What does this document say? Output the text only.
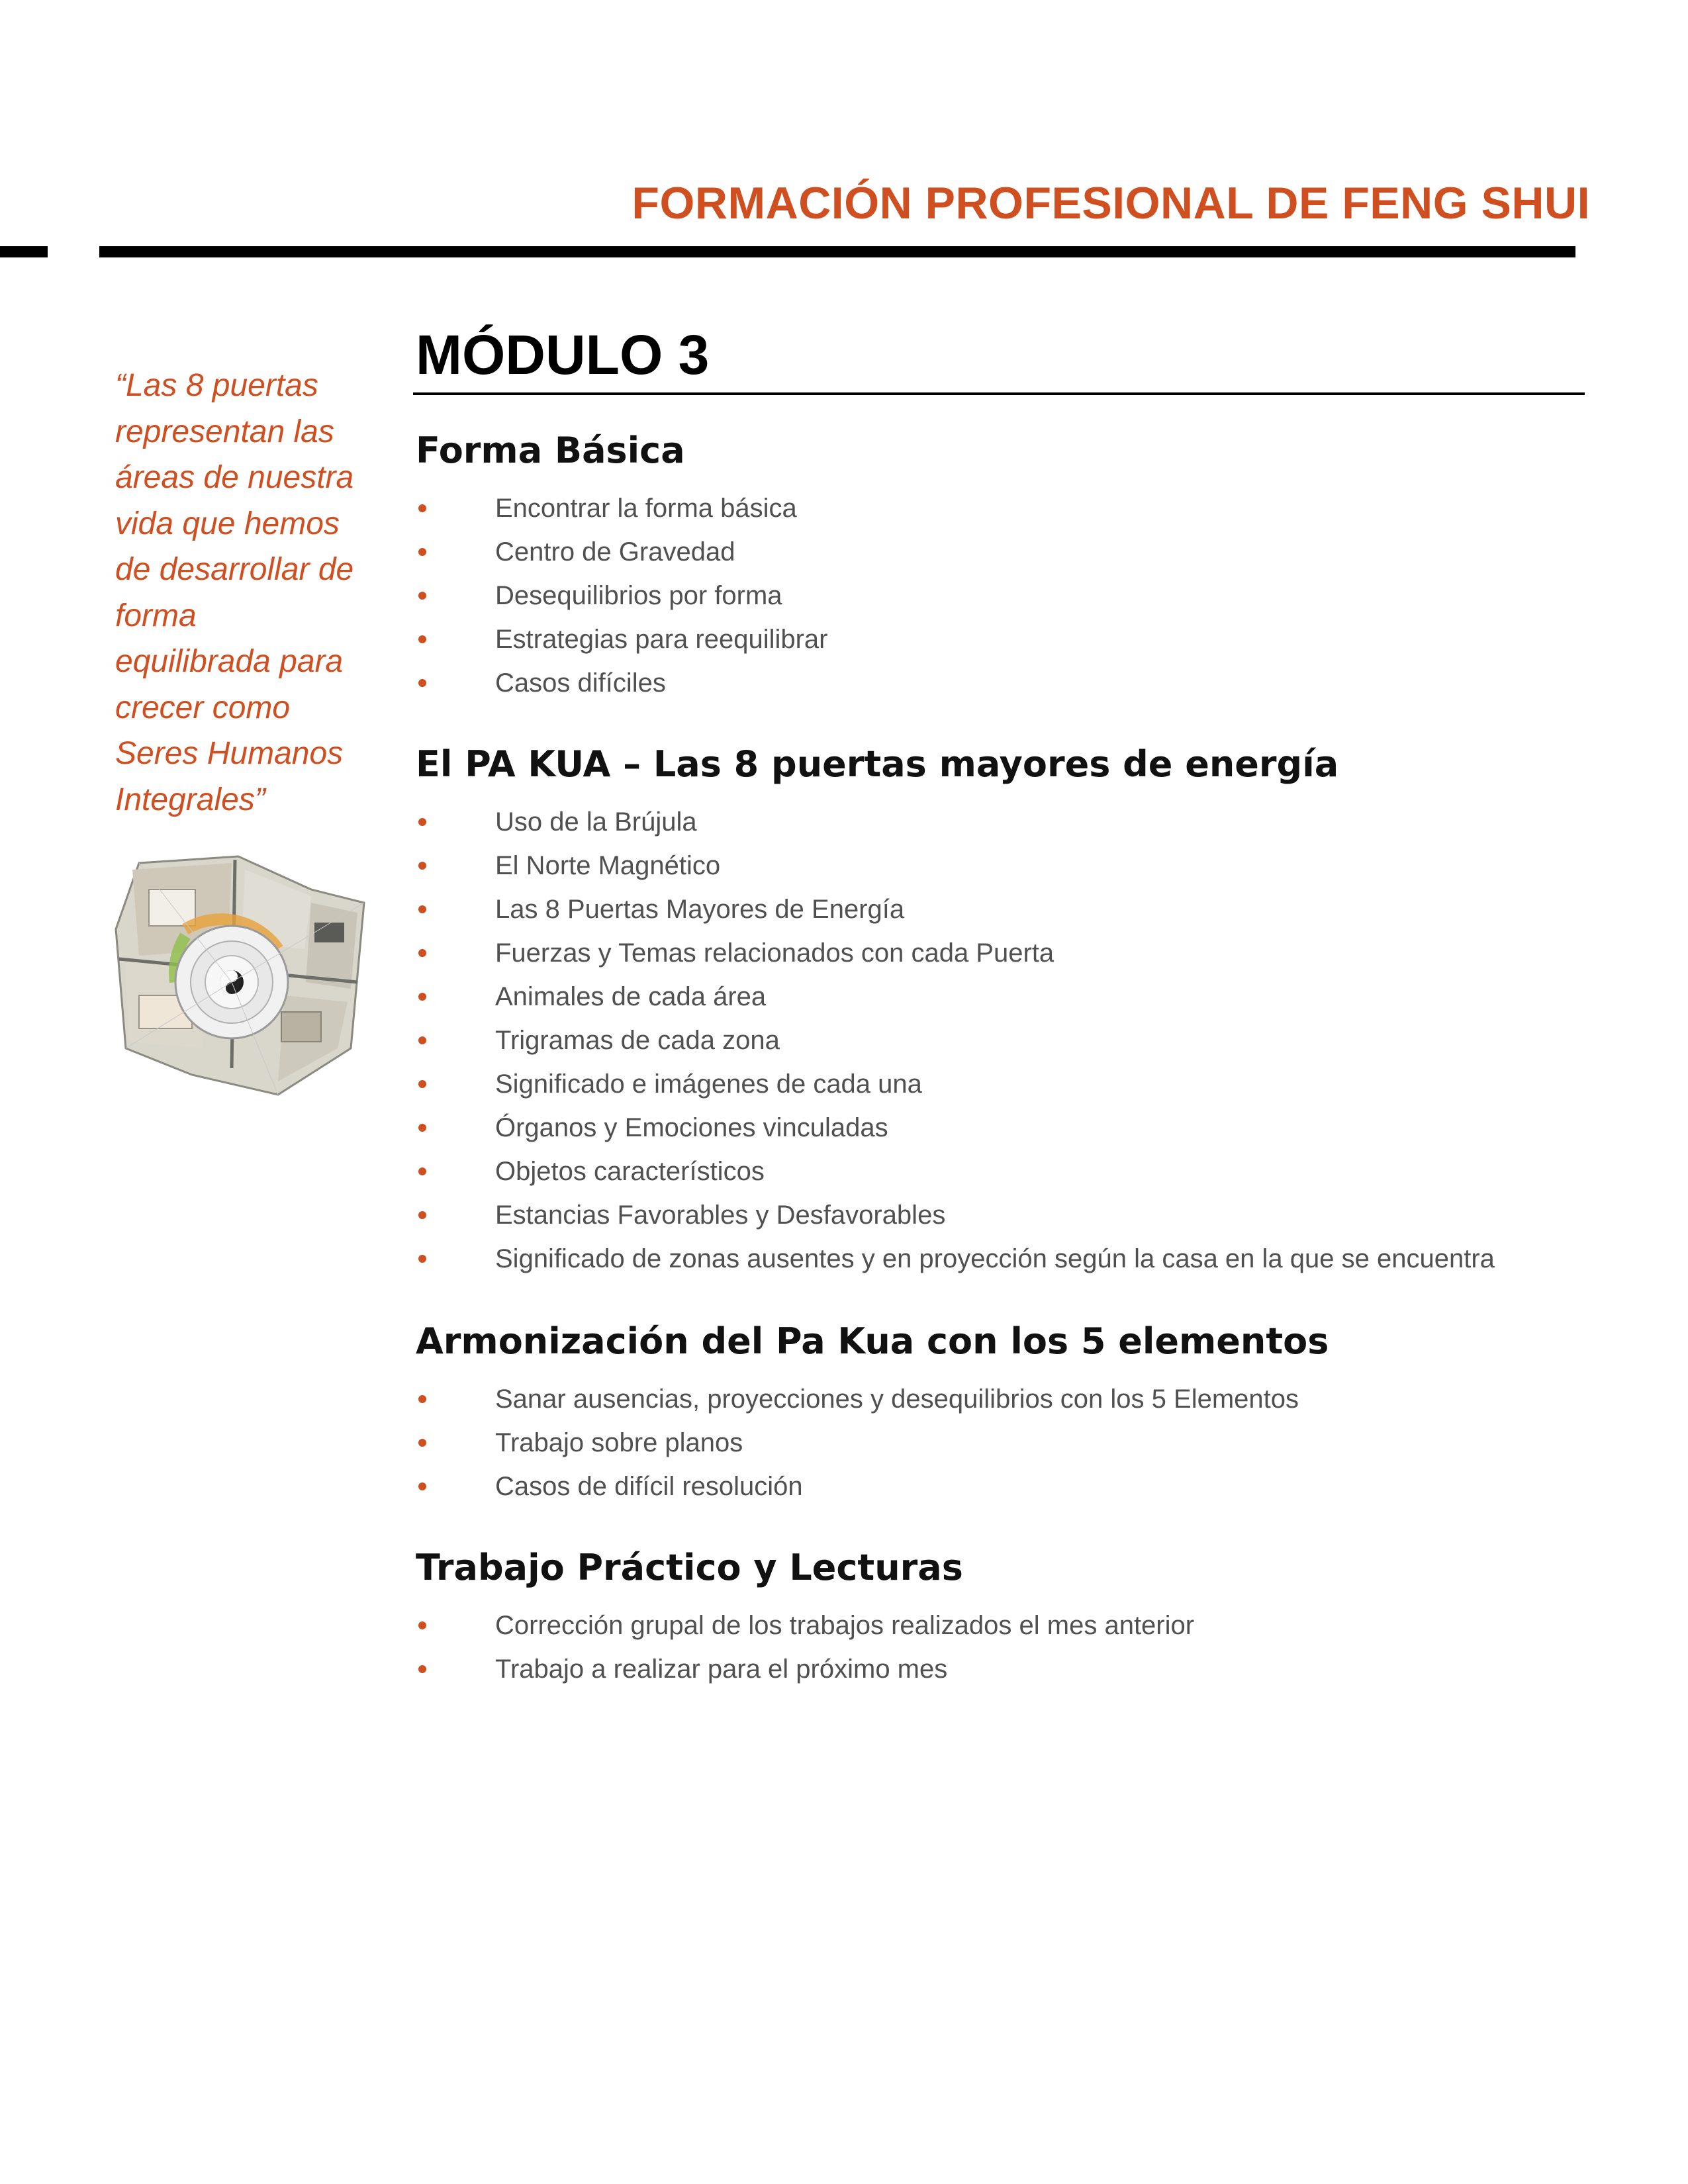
FORMACIÓN PROFESIONAL DE FENG SHUI

“Las 8 puertas
representan las
áreas de nuestra
vida que hemos
de desarrollar de
forma
equilibrada para
crecer como
Seres Humanos
Integrales”

MÓDULO 3
Forma Básica
Encontrar la forma básica
Centro de Gravedad
Desequilibrios por forma
Estrategias para reequilibrar
Casos difíciles
El PA KUA – Las 8 puertas mayores de energía
Uso de la Brújula
El Norte Magnético
Las 8 Puertas Mayores de Energía
Fuerzas y Temas relacionados con cada Puerta
Animales de cada área
Trigramas de cada zona
Significado e imágenes de cada una
Órganos y Emociones vinculadas
Objetos característicos
Estancias Favorables y Desfavorables
Significado de zonas ausentes y en proyección según la casa en la que se encuentra
Armonización del Pa Kua con los 5 elementos
Sanar ausencias, proyecciones y desequilibrios con los 5 Elementos
Trabajo sobre planos
Casos de difícil resolución
Trabajo Práctico y Lecturas
Corrección grupal de los trabajos realizados el mes anterior
Trabajo a realizar para el próximo mes
